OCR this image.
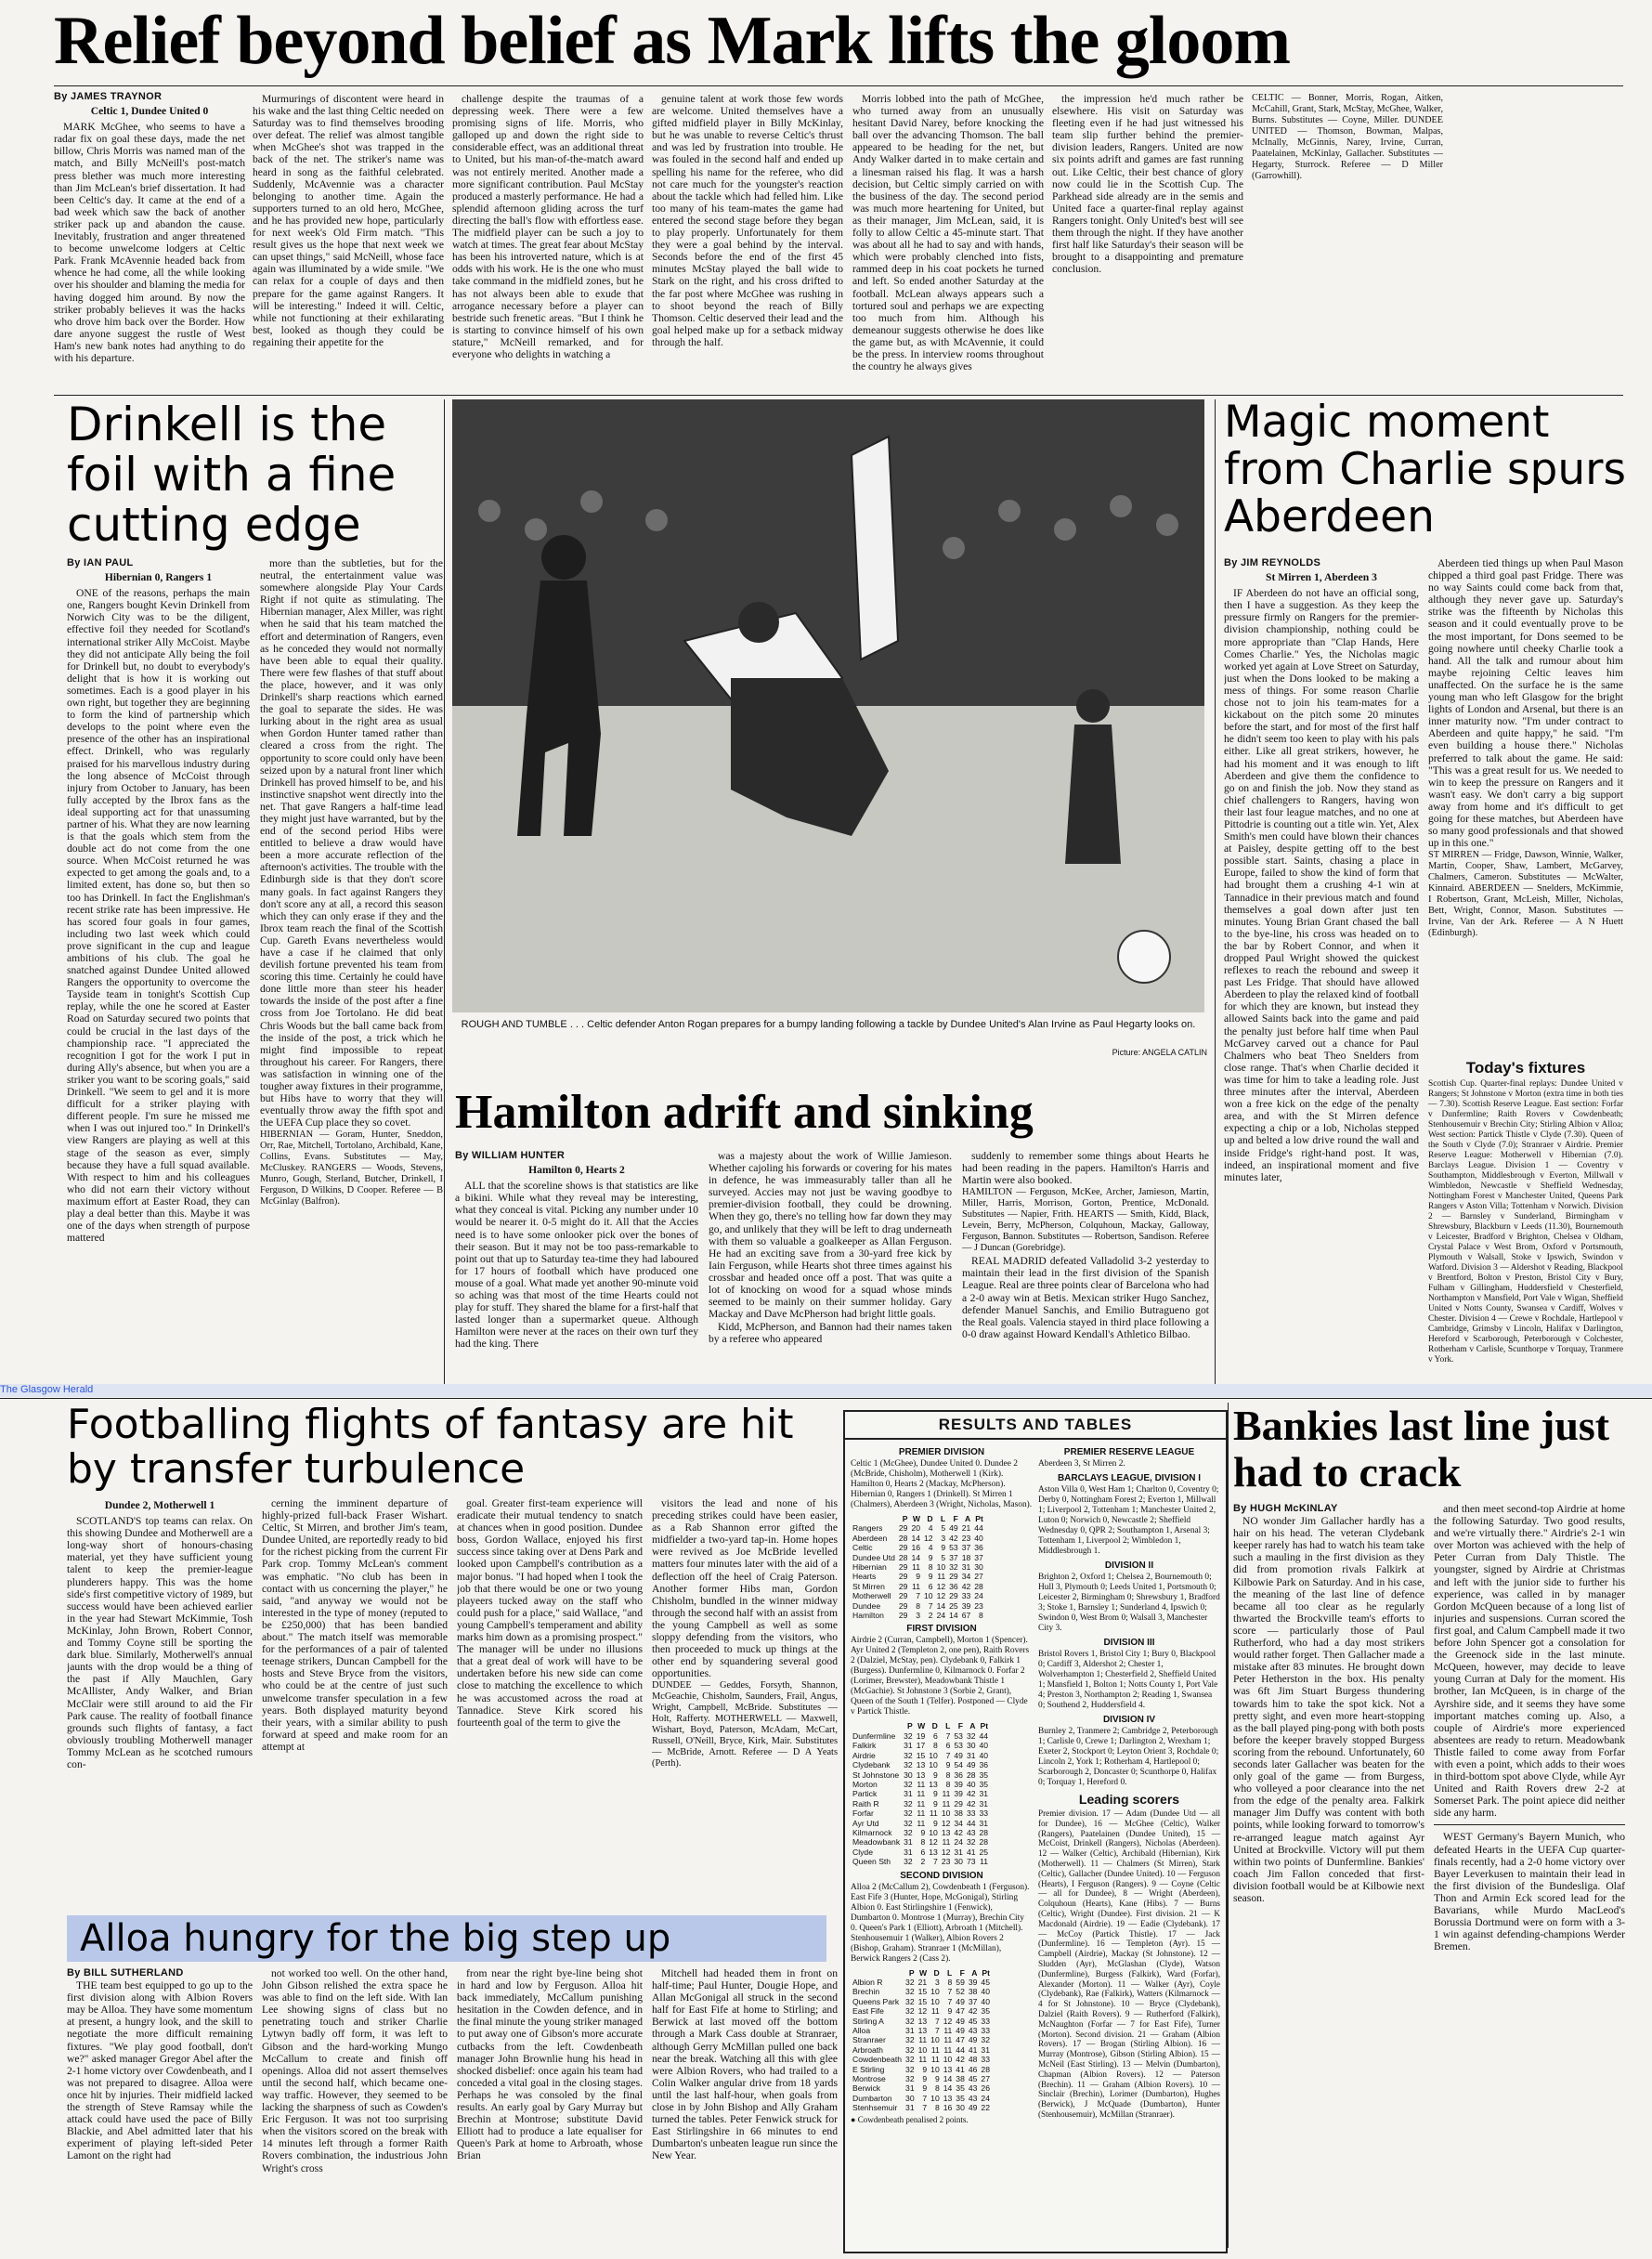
The Glasgow Herald
Relief beyond belief as Mark lifts the gloom
By JAMES TRAYNOR
Celtic 1, Dundee United 0

MARK McGhee, who seems to have a radar fix on goal these days, made the net billow, Chris Morris was named man of the match, and Billy McNeill's post-match press blether was much more interesting than Jim McLean's brief dissertation. It had been Celtic's day. It came at the end of a bad week which saw the back of another striker pack up and abandon the cause. Inevitably, frustration and anger threatened to become unwelcome lodgers at Celtic Park. Frank McAvennie headed back from whence he had come, all the while looking over his shoulder and blaming the media for having dogged him around. By now the striker probably believes it was the hacks who drove him back over the Border. How dare anyone suggest the rustle of West Ham's new bank notes had anything to do with his departure.

Murmurings of discontent were heard in his wake and the last thing Celtic needed on Saturday was to find themselves brooding over defeat. The relief was almost tangible when McGhee's shot was trapped in the back of the net. The striker's name was heard in song as the faithful celebrated. Suddenly, McAvennie was a character belonging to another time. Again the supporters turned to an old hero, McGhee, and he has provided new hope, particularly for next week's Old Firm match. "This result gives us the hope that next week we can upset things," said McNeill, whose face again was illuminated by a wide smile. "We can relax for a couple of days and then prepare for the game against Rangers. It will be interesting." Indeed it will. Celtic, while not functioning at their exhilarating best, looked as though they could be regaining their appetite for the

challenge despite the traumas of a depressing week. There were a few promising signs of life. Morris, who galloped up and down the right side to considerable effect, was an additional threat to United, but his man-of-the-match award was not entirely merited. Another made a more significant contribution. Paul McStay produced a masterly performance. He had a splendid afternoon gliding across the turf directing the ball's flow with effortless ease. The midfield player can be such a joy to watch at times. The great fear about McStay has been his introverted nature, which is at odds with his work. He is the one who must take command in the midfield zones, but he has not always been able to exude that arrogance necessary before a player can bestride such frenetic areas. "But I think he is starting to convince himself of his own stature," McNeill remarked, and for everyone who delights in watching a

genuine talent at work those few words are welcome. United themselves have a gifted midfield player in Billy McKinlay, but he was unable to reverse Celtic's thrust and was led by frustration into trouble. He was fouled in the second half and ended up spelling his name for the referee, who did not care much for the youngster's reaction about the tackle which had felled him. Like too many of his team-mates the game had entered the second stage before they began to play properly. Unfortunately for them they were a goal behind by the interval. Seconds before the end of the first 45 minutes McStay played the ball wide to Stark on the right, and his cross drifted to the far post where McGhee was rushing in to shoot beyond the reach of Billy Thomson. Celtic deserved their lead and the goal helped make up for a setback midway through the half.

Morris lobbed into the path of McGhee, who turned away from an unusually hesitant David Narey, before knocking the ball over the advancing Thomson. The ball appeared to be heading for the net, but Andy Walker darted in to make certain and a linesman raised his flag. It was a harsh decision, but Celtic simply carried on with the business of the day. The second period was much more heartening for United, but as their manager, Jim McLean, said, it is folly to allow Celtic a 45-minute start. That was about all he had to say and with hands, which were probably clenched into fists, rammed deep in his coat pockets he turned and left. So ended another Saturday at the football. McLean always appears such a tortured soul and perhaps we are expecting too much from him. Although his demeanour suggests otherwise he does like the game but, as with McAvennie, it could be the press. In interview rooms throughout the country he always gives

the impression he'd much rather be elsewhere. His visit on Saturday was fleeting even if he had just witnessed his team slip further behind the premier-division leaders, Rangers. United are now six points adrift and games are fast running out. Like Celtic, their best chance of glory now could lie in the Scottish Cup. The Parkhead side already are in the semis and United face a quarter-final replay against Rangers tonight. Only United's best will see them through the night. If they have another first half like Saturday's their season will be brought to a disappointing and premature conclusion.

CELTIC — Bonner, Morris, Rogan, Aitken, McCahill, Grant, Stark, McStay, McGhee, Walker, Burns. Substitutes — Coyne, Miller. DUNDEE UNITED — Thomson, Bowman, Malpas, McInally, McGinnis, Narey, Irvine, Curran, Paatelainen, McKinlay, Gallacher. Substitutes — Hegarty, Sturrock. Referee — D Miller (Garrowhill).

Drinkell is the foil with a fine cutting edge
By IAN PAUL
Hibernian 0, Rangers 1

ONE of the reasons, perhaps the main one, Rangers bought Kevin Drinkell from Norwich City was to be the diligent, effective foil they needed for Scotland's international striker Ally McCoist. Maybe they did not anticipate Ally being the foil for Drinkell but, no doubt to everybody's delight that is how it is working out sometimes. Each is a good player in his own right, but together they are beginning to form the kind of partnership which develops to the point where even the presence of the other has an inspirational effect. Drinkell, who was regularly praised for his marvellous industry during the long absence of McCoist through injury from October to January, has been fully accepted by the Ibrox fans as the ideal supporting act for that unassuming partner of his. What they are now learning is that the goals which stem from the double act do not come from the one source. When McCoist returned he was expected to get among the goals and, to a limited extent, has done so, but then so too has Drinkell. In fact the Englishman's recent strike rate has been impressive. He has scored four goals in four games, including two last week which could prove significant in the cup and league ambitions of his club. The goal he snatched against Dundee United allowed Rangers the opportunity to overcome the Tayside team in tonight's Scottish Cup replay, while the one he scored at Easter Road on Saturday secured two points that could be crucial in the last days of the championship race. "I appreciated the recognition I got for the work I put in during Ally's absence, but when you are a striker you want to be scoring goals," said Drinkell. "We seem to gel and it is more difficult for a striker playing with different people. I'm sure he missed me when I was out injured too." In Drinkell's view Rangers are playing as well at this stage of the season as ever, simply because they have a full squad available. With respect to him and his colleagues who did not earn their victory without maximum effort at Easter Road, they can play a deal better than this. Maybe it was one of the days when strength of purpose mattered

more than the subtleties, but for the neutral, the entertainment value was somewhere alongside Play Your Cards Right if not quite as stimulating. The Hibernian manager, Alex Miller, was right when he said that his team matched the effort and determination of Rangers, even as he conceded they would not normally have been able to equal their quality. There were few flashes of that stuff about the place, however, and it was only Drinkell's sharp reactions which earned the goal to separate the sides. He was lurking about in the right area as usual when Gordon Hunter tamed rather than cleared a cross from the right. The opportunity to score could only have been seized upon by a natural front liner which Drinkell has proved himself to be, and his instinctive snapshot went directly into the net. That gave Rangers a half-time lead they might just have warranted, but by the end of the second period Hibs were entitled to believe a draw would have been a more accurate reflection of the afternoon's activities. The trouble with the Edinburgh side is that they don't score many goals. In fact against Rangers they don't score any at all, a record this season which they can only erase if they and the Ibrox team reach the final of the Scottish Cup. Gareth Evans nevertheless would have a case if he claimed that only devilish fortune prevented his team from scoring this time. Certainly he could have done little more than steer his header towards the inside of the post after a fine cross from Joe Tortolano. He did beat Chris Woods but the ball came back from the inside of the post, a trick which he might find impossible to repeat throughout his career. For Rangers, there was satisfaction in winning one of the tougher away fixtures in their programme, but Hibs have to worry that they will eventually throw away the fifth spot and the UEFA Cup place they so covet.

HIBERNIAN — Goram, Hunter, Sneddon, Orr, Rae, Mitchell, Tortolano, Archibald, Kane, Collins, Evans. Substitutes — May, McCluskey. RANGERS — Woods, Stevens, Munro, Gough, Sterland, Butcher, Drinkell, I Ferguson, D Wilkins, D Cooper. Referee — B McGinlay (Balfron).

ROUGH AND TUMBLE . . . Celtic defender Anton Rogan prepares for a bumpy landing following a tackle by Dundee United's Alan Irvine as Paul Hegarty looks on.
Picture: ANGELA CATLIN
Magic moment from Charlie spurs Aberdeen
By JIM REYNOLDS
St Mirren 1, Aberdeen 3

IF Aberdeen do not have an official song, then I have a suggestion. As they keep the pressure firmly on Rangers for the premier-division championship, nothing could be more appropriate than "Clap Hands, Here Comes Charlie." Yes, the Nicholas magic worked yet again at Love Street on Saturday, just when the Dons looked to be making a mess of things. For some reason Charlie chose not to join his team-mates for a kickabout on the pitch some 20 minutes before the start, and for most of the first half he didn't seem too keen to play with his pals either. Like all great strikers, however, he had his moment and it was enough to lift Aberdeen and give them the confidence to go on and finish the job. Now they stand as chief challengers to Rangers, having won their last four league matches, and no one at Pittodrie is counting out a title win. Yet, Alex Smith's men could have blown their chances at Paisley, despite getting off to the best possible start. Saints, chasing a place in Europe, failed to show the kind of form that had brought them a crushing 4-1 win at Tannadice in their previous match and found themselves a goal down after just ten minutes. Young Brian Grant chased the ball to the bye-line, his cross was headed on to the bar by Robert Connor, and when it dropped Paul Wright showed the quickest reflexes to reach the rebound and sweep it past Les Fridge. That should have allowed Aberdeen to play the relaxed kind of football for which they are known, but instead they allowed Saints back into the game and paid the penalty just before half time when Paul McGarvey carved out a chance for Paul Chalmers who beat Theo Snelders from close range. That's when Charlie decided it was time for him to take a leading role. Just three minutes after the interval, Aberdeen won a free kick on the edge of the penalty area, and with the St Mirren defence expecting a chip or a lob, Nicholas stepped up and belted a low drive round the wall and inside Fridge's right-hand post. It was, indeed, an inspirational moment and five minutes later,

Aberdeen tied things up when Paul Mason chipped a third goal past Fridge. There was no way Saints could come back from that, although they never gave up. Saturday's strike was the fifteenth by Nicholas this season and it could eventually prove to be the most important, for Dons seemed to be going nowhere until cheeky Charlie took a hand. All the talk and rumour about him maybe rejoining Celtic leaves him unaffected. On the surface he is the same young man who left Glasgow for the bright lights of London and Arsenal, but there is an inner maturity now. "I'm under contract to Aberdeen and quite happy," he said. "I'm even building a house there." Nicholas preferred to talk about the game. He said: "This was a great result for us. We needed to win to keep the pressure on Rangers and it wasn't easy. We don't carry a big support away from home and it's difficult to get going for these matches, but Aberdeen have so many good professionals and that showed up in this one."

ST MIRREN — Fridge, Dawson, Winnie, Walker, Martin, Cooper, Shaw, Lambert, McGarvey, Chalmers, Cameron. Substitutes — McWalter, Kinnaird. ABERDEEN — Snelders, McKimmie, I Robertson, Grant, McLeish, Miller, Nicholas, Bett, Wright, Connor, Mason. Substitutes — Irvine, Van der Ark. Referee — A N Huett (Edinburgh).

Today's fixtures

Scottish Cup. Quarter-final replays: Dundee United v Rangers; St Johnstone v Morton (extra time in both ties — 7.30). Scottish Reserve League. East section: Forfar v Dunfermline; Raith Rovers v Cowdenbeath; Stenhousemuir v Brechin City; Stirling Albion v Alloa; West section: Partick Thistle v Clyde (7.30). Queen of the South v Clyde (7.0); Stranraer v Airdrie. Premier Reserve League: Motherwell v Hibernian (7.0). Barclays League. Division 1 — Coventry v Southampton, Middlesbrough v Everton, Millwall v Wimbledon, Newcastle v Sheffield Wednesday, Nottingham Forest v Manchester United, Queens Park Rangers v Aston Villa; Tottenham v Norwich. Division 2 — Barnsley v Sunderland, Birmingham v Shrewsbury, Blackburn v Leeds (11.30), Bournemouth v Leicester, Bradford v Brighton, Chelsea v Oldham, Crystal Palace v West Brom, Oxford v Portsmouth, Plymouth v Walsall, Stoke v Ipswich, Swindon v Watford. Division 3 — Aldershot v Reading, Blackpool v Brentford, Bolton v Preston, Bristol City v Bury, Fulham v Gillingham, Huddersfield v Chesterfield, Northampton v Mansfield, Port Vale v Wigan, Sheffield United v Notts County, Swansea v Cardiff, Wolves v Chester. Division 4 — Crewe v Rochdale, Hartlepool v Cambridge, Grimsby v Lincoln, Halifax v Darlington, Hereford v Scarborough, Peterborough v Colchester, Rotherham v Carlisle, Scunthorpe v Torquay, Tranmere v York.

Hamilton adrift and sinking
By WILLIAM HUNTER
Hamilton 0, Hearts 2

ALL that the scoreline shows is that statistics are like a bikini. While what they reveal may be interesting, what they conceal is vital. Picking any number under 10 would be nearer it. 0-5 might do it. All that the Accies need is to have some onlooker pick over the bones of their season. But it may not be too pass-remarkable to point out that up to Saturday tea-time they had laboured for 17 hours of football which have produced one mouse of a goal. What made yet another 90-minute void so aching was that most of the time Hearts could not play for stuff. They shared the blame for a first-half that lasted longer than a supermarket queue. Although Hamilton were never at the races on their own turf they had the king. There

was a majesty about the work of Willie Jamieson. Whether cajoling his forwards or covering for his mates in defence, he was immeasurably taller than all he surveyed. Accies may not just be waving goodbye to premier-division football, they could be drowning. When they go, there's no telling how far down they may go, and unlikely that they will be left to drag underneath with them so valuable a goalkeeper as Allan Ferguson. He had an exciting save from a 30-yard free kick by Iain Ferguson, while Hearts shot three times against his crossbar and headed once off a post. That was quite a lot of knocking on wood for a squad whose minds seemed to be mainly on their summer holiday. Gary Mackay and Dave McPherson had bright little goals.

Kidd, McPherson, and Bannon had their names taken by a referee who appeared

suddenly to remember some things about Hearts he had been reading in the papers. Hamilton's Harris and Martin were also booked.

HAMILTON — Ferguson, McKee, Archer, Jamieson, Martin, Miller, Harris, Morrison, Gorton, Prentice, McDonald. Substitutes — Napier, Frith. HEARTS — Smith, Kidd, Black, Levein, Berry, McPherson, Colquhoun, Mackay, Galloway, Ferguson, Bannon. Substitutes — Robertson, Sandison. Referee — J Duncan (Gorebridge).

REAL MADRID defeated Valladolid 3-2 yesterday to maintain their lead in the first division of the Spanish League. Real are three points clear of Barcelona who had a 2-0 away win at Betis. Mexican striker Hugo Sanchez, defender Manuel Sanchis, and Emilio Butragueno got the Real goals. Valencia stayed in third place following a 0-0 draw against Howard Kendall's Athletico Bilbao.

Footballing flights of fantasy are hit by transfer turbulence
Dundee 2, Motherwell 1

SCOTLAND'S top teams can relax. On this showing Dundee and Motherwell are a long-way short of honours-chasing material, yet they have sufficient young talent to keep the premier-league plunderers happy. This was the home side's first competitive victory of 1989, but success would have been achieved earlier in the year had Stewart McKimmie, Tosh McKinlay, John Brown, Robert Connor, and Tommy Coyne still be sporting the dark blue. Similarly, Motherwell's annual jaunts with the drop would be a thing of the past if Ally Mauchlen, Gary McAllister, Andy Walker, and Brian McClair were still around to aid the Fir Park cause. The reality of football finance grounds such flights of fantasy, a fact obviously troubling Motherwell manager Tommy McLean as he scotched rumours con-

cerning the imminent departure of highly-prized full-back Fraser Wishart. Celtic, St Mirren, and brother Jim's team, Dundee United, are reportedly ready to bid for the richest picking from the current Fir Park crop. Tommy McLean's comment was emphatic. "No club has been in contact with us concerning the player," he said, "and anyway we would not be interested in the type of money (reputed to be £250,000) that has been bandied about." The match itself was memorable for the performances of a pair of talented teenage strikers, Duncan Campbell for the hosts and Steve Bryce from the visitors, who could be at the centre of just such unwelcome transfer speculation in a few years. Both displayed maturity beyond their years, with a similar ability to push forward at speed and make room for an attempt at

goal. Greater first-team experience will eradicate their mutual tendency to snatch at chances when in good position. Dundee boss, Gordon Wallace, enjoyed his first success since taking over at Dens Park and looked upon Campbell's contribution as a major bonus. "I had hoped when I took the job that there would be one or two young playeers tucked away on the staff who could push for a place," said Wallace, "and young Campbell's temperament and ability marks him down as a promising prospect." The manager will be under no illusions that a great deal of work will have to be undertaken before his new side can come close to matching the excellence to which he was accustomed across the road at Tannadice. Steve Kirk scored his fourteenth goal of the term to give the

visitors the lead and none of his preceding strikes could have been easier, as a Rab Shannon error gifted the midfielder a two-yard tap-in. Home hopes were revived as Joe McBride levelled matters four minutes later with the aid of a deflection off the heel of Craig Paterson. Another former Hibs man, Gordon Chisholm, bundled in the winner midway through the second half with an assist from the young Campbell as well as some sloppy defending from the visitors, who then proceeded to muck up things at the other end by squandering several good opportunities.

DUNDEE — Geddes, Forsyth, Shannon, McGeachie, Chisholm, Saunders, Frail, Angus, Wright, Campbell, McBride. Substitutes — Holt, Rafferty. MOTHERWELL — Maxwell, Wishart, Boyd, Paterson, McAdam, McCart, Russell, O'Neill, Bryce, Kirk, Mair. Substitutes — McBride, Arnott. Referee — D A Yeats (Perth).

Alloa hungry for the big step up
By BILL SUTHERLAND

THE team best equipped to go up to the first division along with Albion Rovers may be Alloa. They have some momentum at present, a hungry look, and the skill to negotiate the more difficult remaining fixtures. "We play good football, don't we?" asked manager Gregor Abel after the 2-1 home victory over Cowdenbeath, and I was not prepared to disagree. Alloa were once hit by injuries. Their midfield lacked the strength of Steve Ramsay while the attack could have used the pace of Billy Blackie, and Abel admitted later that his experiment of playing left-sided Peter Lamont on the right had

not worked too well. On the other hand, John Gibson relished the extra space he was able to find on the left side. With Ian Lee showing signs of class but no penetrating touch and striker Charlie Lytwyn badly off form, it was left to Gibson and the hard-working Mungo McCallum to create and finish off openings. Alloa did not assert themselves until the second half, which became one-way traffic. However, they seemed to be lacking the sharpness of such as Cowden's Eric Ferguson. It was not too surprising when the visitors scored on the break with 14 minutes left through a former Raith Rovers combination, the industrious John Wright's cross

from near the right bye-line being shot in hard and low by Ferguson. Alloa hit back immediately, McCallum punishing hesitation in the Cowden defence, and in the final minute the young striker managed to put away one of Gibson's more accurate cutbacks from the left. Cowdenbeath manager John Brownlie hung his head in shocked disbelief: once again his team had conceded a vital goal in the closing stages. Perhaps he was consoled by the final results. An early goal by Gary Murray but Brechin at Montrose; substitute David Elliott had to produce a late equaliser for Queen's Park at home to Arbroath, whose Brian

Mitchell had headed them in front on half-time; Paul Hunter, Dougie Hope, and Allan McGonigal all struck in the second half for East Fife at home to Stirling; and Berwick at last moved off the bottom through a Mark Cass double at Stranraer, although Gerry McMillan pulled one back near the break. Watching all this with glee were Albion Rovers, who had trailed to a Colin Walker angular drive from 18 yards until the last half-hour, when goals from close in by John Bishop and Ally Graham turned the tables. Peter Fenwick struck for East Stirlingshire in 66 minutes to end Dumbarton's unbeaten league run since the New Year.

RESULTS AND TABLES
PREMIER DIVISION
Celtic 1 (McGhee), Dundee United 0. Dundee 2 (McBride, Chisholm), Motherwell 1 (Kirk). Hamilton 0, Hearts 2 (Mackay, McPherson). Hibernian 0, Rangers 1 (Drinkell). St Mirren 1 (Chalmers), Aberdeen 3 (Wright, Nicholas, Mason).
	P	W	D	L	F	A	Pt
Rangers	29	20	4	5	49	21	44
Aberdeen	28	14	12	3	42	23	40
Celtic	29	16	4	9	53	37	36
Dundee Utd	28	14	9	5	37	18	37
Hibernian	29	11	8	10	32	31	30
Hearts	29	9	9	11	29	34	27
St Mirren	29	11	6	12	36	42	28
Motherwell	29	7	10	12	29	33	24
Dundee	29	8	7	14	25	39	23
Hamilton	29	3	2	24	14	67	8
FIRST DIVISION
Airdrie 2 (Curran, Campbell), Morton 1 (Spencer). Ayr United 2 (Templeton 2, one pen), Raith Rovers 2 (Dalziel, McStay, pen). Clydebank 0, Falkirk 1 (Burgess). Dunfermline 0, Kilmarnock 0. Forfar 2 (Lorimer, Brewster), Meadowbank Thistle 1 (McGachie). St Johnstone 3 (Sorbie 2, Grant), Queen of the South 1 (Telfer). Postponed — Clyde v Partick Thistle.
	P	W	D	L	F	A	Pt
Dunfermline	32	19	6	7	53	32	44
Falkirk	31	17	8	6	53	30	40
Airdrie	32	15	10	7	49	31	40
Clydebank	32	13	10	9	54	49	36
St Johnstone	30	13	9	8	36	28	35
Morton	32	11	13	8	39	40	35
Partick	31	11	9	11	39	42	31
Raith R	32	11	9	11	29	42	31
Forfar	32	11	11	10	38	33	33
Ayr Utd	32	11	9	12	34	44	31
Kilmarnock	32	9	10	13	42	43	28
Meadowbank	31	8	12	11	24	32	28
Clyde	31	6	13	12	31	41	25
Queen Sth	32	2	7	23	30	73	11
SECOND DIVISION
Alloa 2 (McCallum 2), Cowdenbeath 1 (Ferguson). East Fife 3 (Hunter, Hope, McGonigal), Stirling Albion 0. East Stirlingshire 1 (Fenwick), Dumbarton 0. Montrose 1 (Murray), Brechin City 0. Queen's Park 1 (Elliott), Arbroath 1 (Mitchell). Stenhousemuir 1 (Walker), Albion Rovers 2 (Bishop, Graham). Stranraer 1 (McMillan), Berwick Rangers 2 (Cass 2).
	P	W	D	L	F	A	Pt
Albion R	32	21	3	8	59	39	45
Brechin	32	15	10	7	52	38	40
Queens Park	32	15	10	7	49	37	40
East Fife	32	12	11	9	47	42	35
Stirling A	32	13	7	12	49	45	33
Alloa	31	13	7	11	49	43	33
Stranraer	32	11	10	11	47	49	32
Arbroath	32	10	11	11	44	41	31
Cowdenbeath	32	11	11	10	42	48	33
E Stirling	32	9	10	13	41	46	28
Montrose	32	9	9	14	38	45	27
Berwick	31	9	8	14	35	43	26
Dumbarton	30	7	10	13	35	43	24
Stenhsemuir	31	7	8	16	30	49	22
● Cowdenbeath penalised 2 points.
PREMIER RESERVE LEAGUE
Aberdeen 3, St Mirren 2.
BARCLAYS LEAGUE, DIVISION I
Aston Villa 0, West Ham 1; Charlton 0, Coventry 0; Derby 0, Nottingham Forest 2; Everton 1, Millwall 1; Liverpool 2, Tottenham 1; Manchester United 2, Luton 0; Norwich 0, Newcastle 2; Sheffield Wednesday 0, QPR 2; Southampton 1, Arsenal 3; Tottenham 1, Liverpool 2; Wimbledon 1, Middlesbrough 1.
DIVISION II
Brighton 2, Oxford 1; Chelsea 2, Bournemouth 0; Hull 3, Plymouth 0; Leeds United 1, Portsmouth 0; Leicester 2, Birmingham 0; Shrewsbury 1, Bradford 3; Stoke 1, Barnsley 1; Sunderland 4, Ipswich 0; Swindon 0, West Brom 0; Walsall 3, Manchester City 3.
DIVISION III
Bristol Rovers 1, Bristol City 1; Bury 0, Blackpool 0; Cardiff 3, Aldershot 2; Chester 1, Wolverhampton 1; Chesterfield 2, Sheffield United 1; Mansfield 1, Bolton 1; Notts County 1, Port Vale 4; Preston 3, Northampton 2; Reading 1, Swansea 0; Southend 2, Huddersfield 4.
DIVISION IV
Burnley 2, Tranmere 2; Cambridge 2, Peterborough 1; Carlisle 0, Crewe 1; Darlington 2, Wrexham 1; Exeter 2, Stockport 0; Leyton Orient 3, Rochdale 0; Lincoln 2, York 1; Rotherham 4, Hartlepool 0; Scarborough 2, Doncaster 0; Scunthorpe 0, Halifax 0; Torquay 1, Hereford 0.
Leading scorers
Premier division. 17 — Adam (Dundee Utd — all for Dundee), 16 — McGhee (Celtic), Walker (Rangers), Paatelainen (Dundee United), 15 — McCoist, Drinkell (Rangers), Nicholas (Aberdeen). 12 — Walker (Celtic), Archibald (Hibernian), Kirk (Motherwell). 11 — Chalmers (St Mirren), Stark (Celtic), Gallacher (Dundee United). 10 — Ferguson (Hearts), I Ferguson (Rangers). 9 — Coyne (Celtic — all for Dundee), 8 — Wright (Aberdeen), Colquhoun (Hearts), Kane (Hibs). 7 — Burns (Celtic), Wright (Dundee). First division. 21 — K Macdonald (Airdrie). 19 — Eadie (Clydebank). 17 — McCoy (Partick Thistle). 17 — Jack (Dunfermline). 16 — Templeton (Ayr). 15 — Campbell (Airdrie), Mackay (St Johnstone). 12 — Sludden (Ayr), McGlashan (Clyde), Watson (Dunfermline), Burgess (Falkirk), Ward (Forfar), Alexander (Morton). 11 — Walker (Ayr), Coyle (Clydebank), Rae (Falkirk), Watters (Kilmarnock — 4 for St Johnstone). 10 — Bryce (Clydebank), Dalziel (Raith Rovers). 9 — Rutherford (Falkirk), McNaughton (Forfar — 7 for East Fife), Turner (Morton). Second division. 21 — Graham (Albion Rovers). 17 — Brogan (Stirling Albion). 16 — Murray (Montrose), Gibson (Stirling Albion). 15 — McNeil (East Stirling). 13 — Melvin (Dumbarton), Chapman (Albion Rovers). 12 — Paterson (Brechin). 11 — Graham (Albion Rovers). 10 — Sinclair (Brechin), Lorimer (Dumbarton), Hughes (Berwick), J McQuade (Dumbarton), Hunter (Stenhousemuir), McMillan (Stranraer).
Bankies last line just had to crack
By HUGH McKINLAY

NO wonder Jim Gallacher hardly has a hair on his head. The veteran Clydebank keeper rarely has had to watch his team take such a mauling in the first division as they did from promotion rivals Falkirk at Kilbowie Park on Saturday. And in his case, the meaning of the last line of defence became all too clear as he regularly thwarted the Brockville team's efforts to score — particularly those of Paul Rutherford, who had a day most strikers would rather forget. Then Gallacher made a mistake after 83 minutes. He brought down Peter Hetherston in the box. His penalty was 6ft Jim Stuart Burgess thundering towards him to take the spot kick. Not a pretty sight, and even more heart-stopping as the ball played ping-pong with both posts before the keeper bravely stopped Burgess scoring from the rebound. Unfortunately, 60 seconds later Gallacher was beaten for the only goal of the game — from Burgess, who volleyed a poor clearance into the net from the edge of the penalty area. Falkirk manager Jim Duffy was content with both points, while looking forward to tomorrow's re-arranged league match against Ayr United at Brockville. Victory will put them within two points of Dunfermline. Bankies' coach Jim Fallon conceded that first-division football would be at Kilbowie next season.

and then meet second-top Airdrie at home the following Saturday. Two good results, and we're virtually there." Airdrie's 2-1 win over Morton was achieved with the help of Peter Curran from Daly Thistle. The youngster, signed by Airdrie at Christmas and left with the junior side to further his experience, was called in by manager Gordon McQueen because of a long list of injuries and suspensions. Curran scored the first goal, and Calum Campbell made it two before John Spencer got a consolation for the Greenock side in the last minute. McQueen, however, may decide to leave young Curran at Daly for the moment. His brother, Ian McQueen, is in charge of the Ayrshire side, and it seems they have some important matches coming up. Also, a couple of Airdrie's more experienced absentees are ready to return. Meadowbank Thistle failed to come away from Forfar with even a point, which adds to their woes in third-bottom spot above Clyde, while Ayr United and Raith Rovers drew 2-2 at Somerset Park. The point apiece did neither side any harm.

WEST Germany's Bayern Munich, who defeated Hearts in the UEFA Cup quarter-finals recently, had a 2-0 home victory over Bayer Leverkusen to maintain their lead in the first division of the Bundesliga. Olaf Thon and Armin Eck scored lead for the Bavarians, while Murdo MacLeod's Borussia Dortmund were on form with a 3-1 win against defending-champions Werder Bremen.
